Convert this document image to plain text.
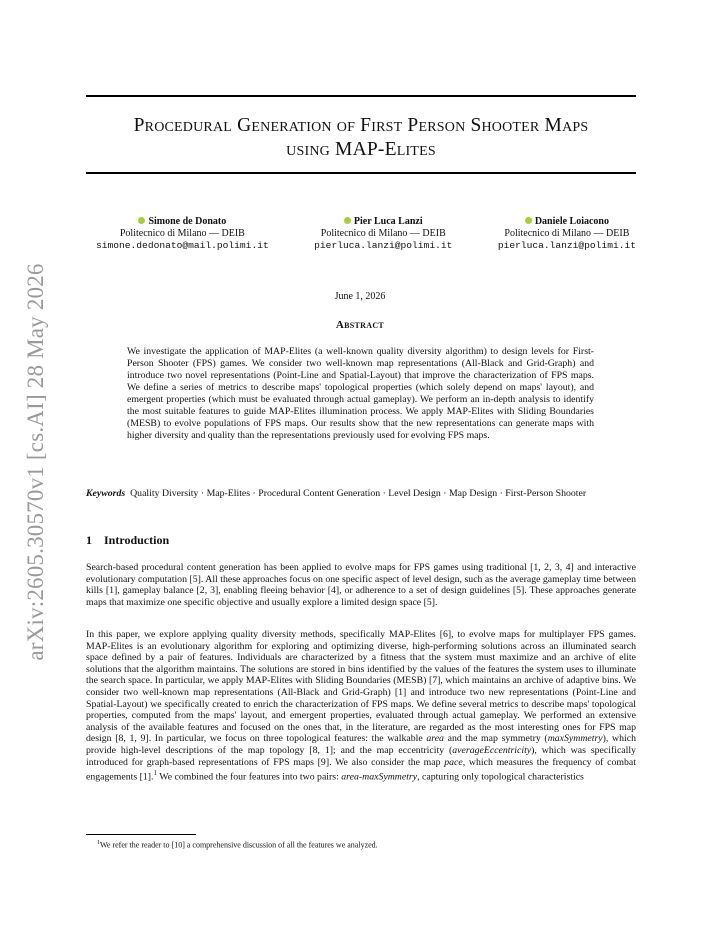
arXiv:2605.30570v1 [cs.AI] 28 May 2026
Procedural Generation of First Person Shooter Maps
using MAP-Elites
Simone de Donato
Politecnico di Milano — DEIB
simone.dedonato@mail.polimi.it
Pier Luca Lanzi
Politecnico di Milano — DEIB
pierluca.lanzi@polimi.it
Daniele Loiacono
Politecnico di Milano — DEIB
pierluca.lanzi@polimi.it
June 1, 2026
Abstract

We investigate the application of MAP-Elites (a well-known quality diversity algorithm) to design levels for First-Person Shooter (FPS) games. We consider two well-known map representations (All-Black and Grid-Graph) and introduce two novel representations (Point-Line and Spatial-Layout) that improve the characterization of FPS maps. We define a series of metrics to describe maps' topological properties (which solely depend on maps' layout), and emergent properties (which must be evaluated through actual gameplay). We perform an in-depth analysis to identify the most suitable features to guide MAP-Elites illumination process. We apply MAP-Elites with Sliding Boundaries (MESB) to evolve populations of FPS maps. Our results show that the new representations can generate maps with higher diversity and quality than the representations previously used for evolving FPS maps.

Keywords Quality Diversity · Map-Elites · Procedural Content Generation · Level Design · Map Design · First-Person Shooter

1 Introduction

Search-based procedural content generation has been applied to evolve maps for FPS games using traditional [1, 2, 3, 4] and interactive evolutionary computation [5]. All these approaches focus on one specific aspect of level design, such as the average gameplay time between kills [1], gameplay balance [2, 3], enabling fleeing behavior [4], or adherence to a set of design guidelines [5]. These approaches generate maps that maximize one specific objective and usually explore a limited design space [5].

In this paper, we explore applying quality diversity methods, specifically MAP-Elites [6], to evolve maps for multiplayer FPS games. MAP-Elites is an evolutionary algorithm for exploring and optimizing diverse, high-performing solutions across an illuminated search space defined by a pair of features. Individuals are characterized by a fitness that the system must maximize and an archive of elite solutions that the algorithm maintains. The solutions are stored in bins identified by the values of the features the system uses to illuminate the search space. In particular, we apply MAP-Elites with Sliding Boundaries (MESB) [7], which maintains an archive of adaptive bins. We consider two well-known map representations (All-Black and Grid-Graph) [1] and introduce two new representations (Point-Line and Spatial-Layout) we specifically created to enrich the characterization of FPS maps. We define several metrics to describe maps' topological properties, computed from the maps' layout, and emergent properties, evaluated through actual gameplay. We performed an extensive analysis of the available features and focused on the ones that, in the literature, are regarded as the most interesting ones for FPS map design [8, 1, 9]. In particular, we focus on three topological features: the walkable area and the map symmetry (maxSymmetry), which provide high-level descriptions of the map topology [8, 1]; and the map eccentricity (averageEccentricity), which was specifically introduced for graph-based representations of FPS maps [9]. We also consider the map pace, which measures the frequency of combat engagements [1].$^1$ We combined the four features into two pairs: area-maxSymmetry, capturing only topological characteristics

$^1$We refer the reader to [10] a comprehensive discussion of all the features we analyzed.
